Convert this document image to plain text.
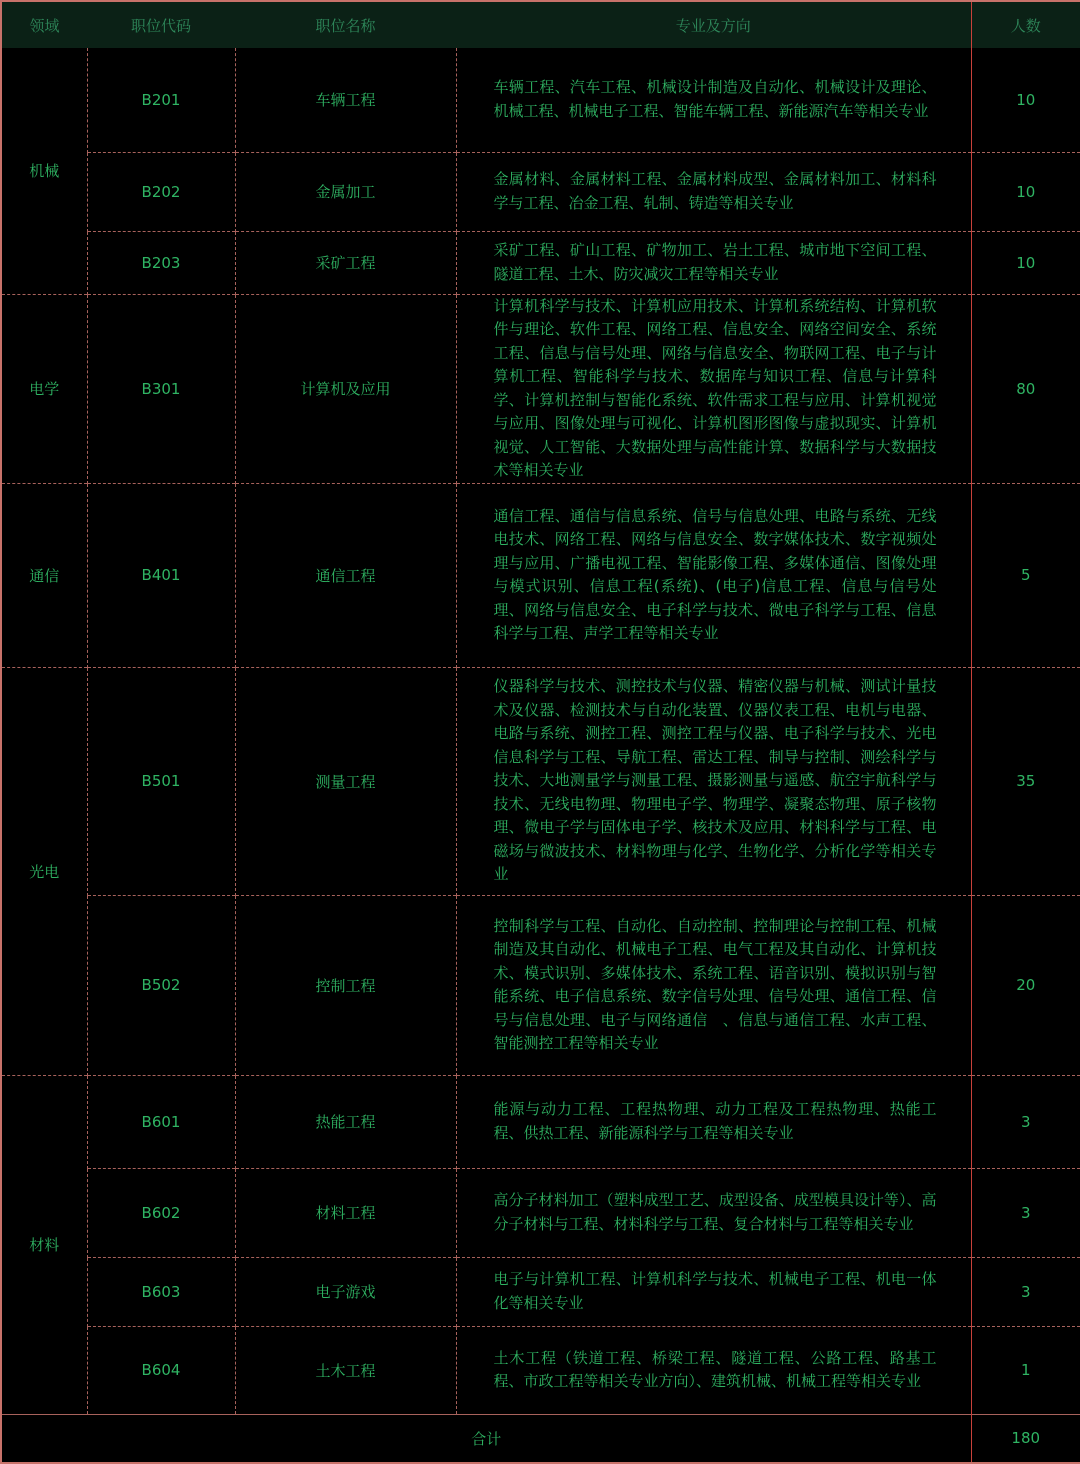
领域	职位代码	职位名称	专业及方向	人数
机械	B201	车辆工程	车辆工程、汽车工程、机械设计制造及自动化、机械设计及理论、机械工程、机械电子工程、智能车辆工程、新能源汽车等相关专业	10
	B202	金属加工	金属材料、金属材料工程、金属材料成型、金属材料加工、材料科学与工程、冶金工程、轧制、铸造等相关专业	10
	B203	采矿工程	采矿工程、矿山工程、矿物加工、岩土工程、城市地下空间工程、隧道工程、土木、防灾减灾工程等相关专业	10
电学	B301	计算机及应用	计算机科学与技术、计算机应用技术、计算机系统结构、计算机软件与理论、软件工程、网络工程、信息安全、网络空间安全、系统工程、信息与信号处理、网络与信息安全、物联网工程、电子与计算机工程、智能科学与技术、数据库与知识工程、信息与计算科学、计算机控制与智能化系统、软件需求工程与应用、计算机视觉与应用、图像处理与可视化、计算机图形图像与虚拟现实、计算机视觉、人工智能、大数据处理与高性能计算、数据科学与大数据技术等相关专业	80
通信	B401	通信工程	通信工程、通信与信息系统、信号与信息处理、电路与系统、无线电技术、网络工程、网络与信息安全、数字媒体技术、数字视频处理与应用、广播电视工程、智能影像工程、多媒体通信、图像处理与模式识别、信息工程(系统)、(电子)信息工程、信息与信号处理、网络与信息安全、电子科学与技术、微电子科学与工程、信息科学与工程、声学工程等相关专业	5
光电	B501	测量工程	仪器科学与技术、测控技术与仪器、精密仪器与机械、测试计量技术及仪器、检测技术与自动化装置、仪器仪表工程、电机与电器、电路与系统、测控工程、测控工程与仪器、电子科学与技术、光电信息科学与工程、导航工程、雷达工程、制导与控制、测绘科学与技术、大地测量学与测量工程、摄影测量与遥感、航空宇航科学与技术、无线电物理、物理电子学、物理学、凝聚态物理、原子核物理、微电子学与固体电子学、核技术及应用、材料科学与工程、电磁场与微波技术、材料物理与化学、生物化学、分析化学等相关专业	35
	B502	控制工程	控制科学与工程、自动化、自动控制、控制理论与控制工程、机械制造及其自动化、机械电子工程、电气工程及其自动化、计算机技术、模式识别、多媒体技术、系统工程、语音识别、模拟识别与智能系统、电子信息系统、数字信号处理、信号处理、通信工程、信号与信息处理、电子与网络通信　、信息与通信工程、水声工程、智能测控工程等相关专业	20
材料	B601	热能工程	能源与动力工程、工程热物理、动力工程及工程热物理、热能工程、供热工程、新能源科学与工程等相关专业	3
	B602	材料工程	高分子材料加工（塑料成型工艺、成型设备、成型模具设计等）、高分子材料与工程、材料科学与工程、复合材料与工程等相关专业	3
	B603	电子游戏	电子与计算机工程、计算机科学与技术、机械电子工程、机电一体化等相关专业	3
	B604	土木工程	土木工程（铁道工程、桥梁工程、隧道工程、公路工程、路基工程、市政工程等相关专业方向）、建筑机械、机械工程等相关专业	1
合计				180
